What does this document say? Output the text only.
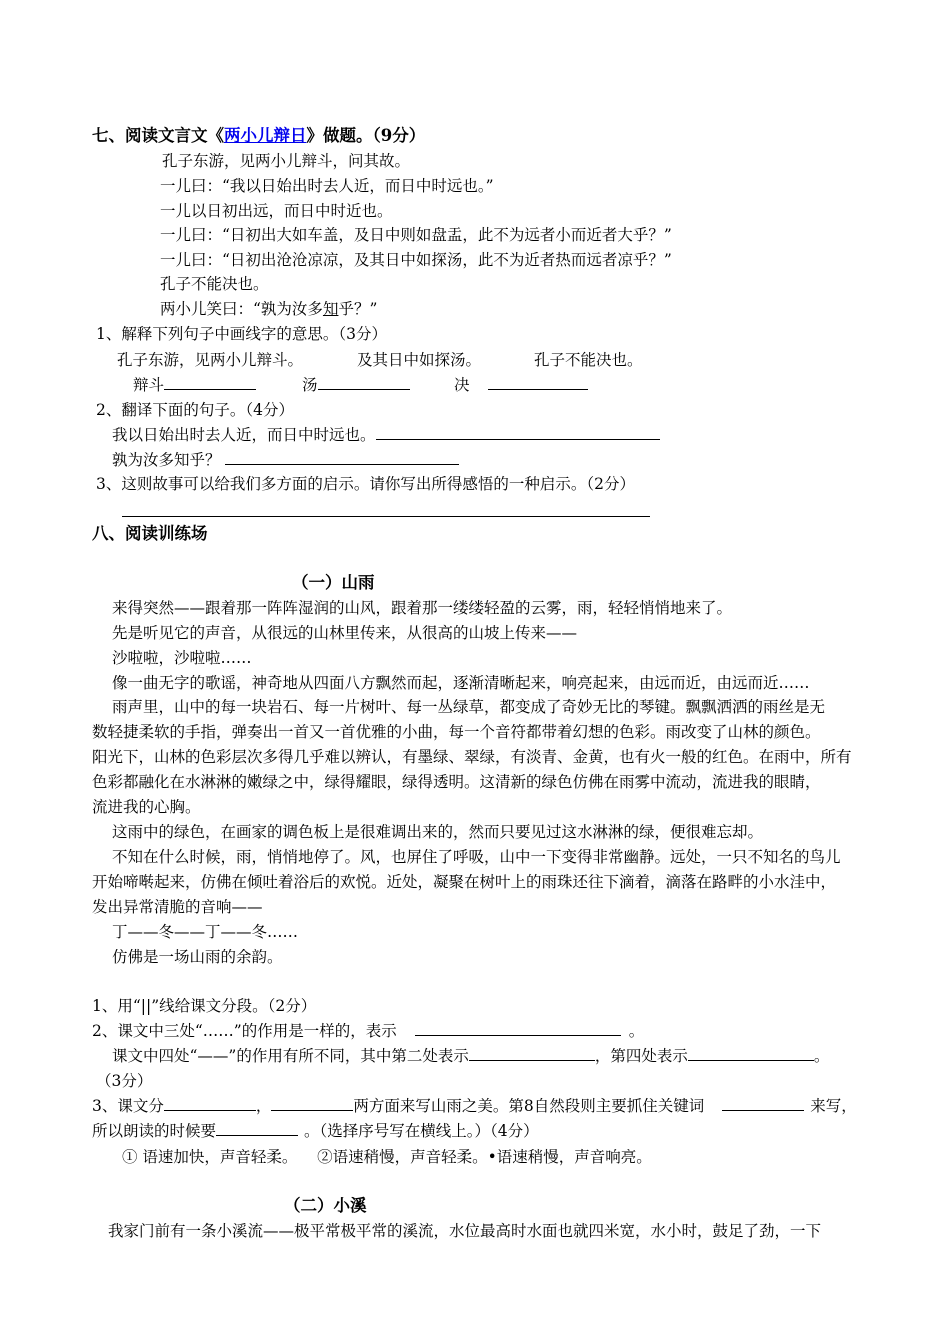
七、阅读文言文《两小儿辩日》做题。（9分）
孔子东游，见两小儿辩斗，问其故。
一儿曰：“我以日始出时去人近，而日中时远也。”
一儿以日初出远，而日中时近也。
一儿曰：“日初出大如车盖，及日中则如盘盂，此不为远者小而近者大乎？”
一儿曰：“日初出沧沧凉凉，及其日中如探汤，此不为近者热而远者凉乎？”
孔子不能决也。
两小儿笑曰：“孰为汝多知乎？”
1、解释下列句子中画线字的意思。（3分）
孔子东游，见两小儿辩斗。	及其日中如探汤。	孔子不能决也。
辩斗	汤	决
2、翻译下面的句子。（4分）
我以日始出时去人近，而日中时远也。
孰为汝多知乎？
3、这则故事可以给我们多方面的启示。请你写出所得感悟的一种启示。（2分）
八、阅读训练场
（一）山雨
来得突然——跟着那一阵阵湿润的山风，跟着那一缕缕轻盈的云雾，雨，轻轻悄悄地来了。
先是听见它的声音，从很远的山林里传来，从很高的山坡上传来——
沙啦啦，沙啦啦……
像一曲无字的歌谣，神奇地从四面八方飘然而起，逐渐清晰起来，响亮起来，由远而近，由远而近……
雨声里，山中的每一块岩石、每一片树叶、每一丛绿草，都变成了奇妙无比的琴键。飘飘洒洒的雨丝是无
数轻捷柔软的手指，弹奏出一首又一首优雅的小曲，每一个音符都带着幻想的色彩。雨改变了山林的颜色。
阳光下，山林的色彩层次多得几乎难以辨认，有墨绿、翠绿，有淡青、金黄，也有火一般的红色。在雨中，所有
色彩都融化在水淋淋的嫩绿之中，绿得耀眼，绿得透明。这清新的绿色仿佛在雨雾中流动，流进我的眼睛，
流进我的心胸。
这雨中的绿色，在画家的调色板上是很难调出来的，然而只要见过这水淋淋的绿，便很难忘却。
不知在什么时候，雨，悄悄地停了。风，也屏住了呼吸，山中一下变得非常幽静。远处，一只不知名的鸟儿
开始啼啭起来，仿佛在倾吐着浴后的欢悦。近处，凝聚在树叶上的雨珠还往下滴着，滴落在路畔的小水洼中，
发出异常清脆的音响——
丁——冬——丁——冬……
仿佛是一场山雨的余韵。
1、用“||”线给课文分段。（2分）
2、课文中三处“……”的作用是一样的，表示	。
课文中四处“——”的作用有所不同，其中第二处表示	，第四处表示	。
（3分）
3、课文分	，	两方面来写山雨之美。第8自然段则主要抓住关键词	来写，
所以朗读的时候要	。（选择序号写在横线上。）（4分）
① 语速加快，声音轻柔。    ②语速稍慢，声音轻柔。•语速稍慢，声音响亮。
（二）小溪
我家门前有一条小溪流——极平常极平常的溪流，水位最高时水面也就四米宽，水小时，鼓足了劲，一下
